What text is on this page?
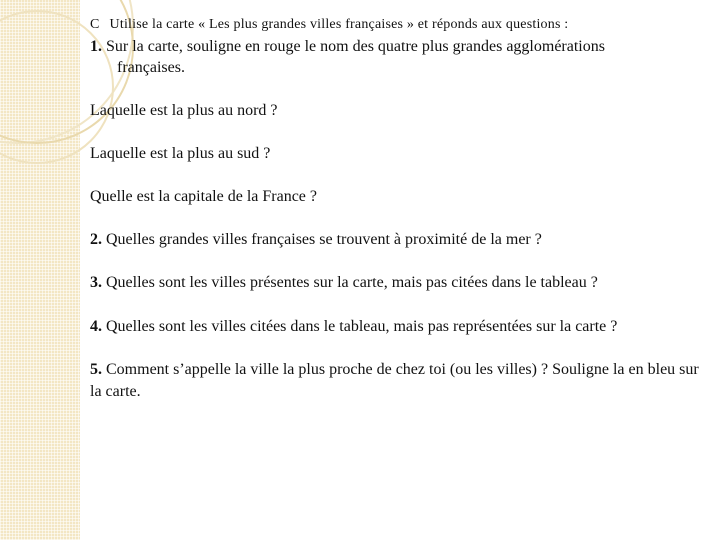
C Utilise la carte « Les plus grandes villes françaises » et réponds aux questions :

1. Sur la carte, souligne en rouge le nom des quatre plus grandes agglomérations

françaises.

Laquelle est la plus au nord ?

Laquelle est la plus au sud ?

Quelle est la capitale de la France ?

2. Quelles grandes villes françaises se trouvent à proximité de la mer ?

3. Quelles sont les villes présentes sur la carte, mais pas citées dans le tableau ?

4. Quelles sont les villes citées dans le tableau, mais pas représentées sur la carte ?

5. Comment s’appelle la ville la plus proche de chez toi (ou les villes) ? Souligne la en bleu sur la carte.
